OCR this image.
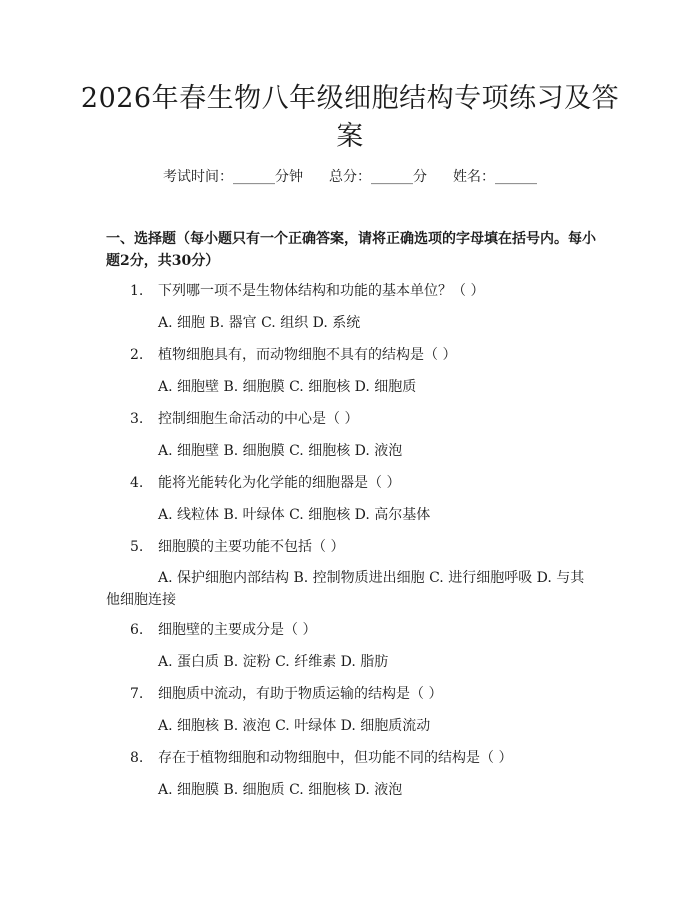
2026年春生物八年级细胞结构专项练习及答案
考试时间：______分钟 总分：______分 姓名：______
一、选择题（每小题只有一个正确答案，请将正确选项的字母填在括号内。每小题2分，共30分）
1. 下列哪一项不是生物体结构和功能的基本单位？（ ）
A. 细胞 B. 器官 C. 组织 D. 系统
2. 植物细胞具有，而动物细胞不具有的结构是（ ）
A. 细胞壁 B. 细胞膜 C. 细胞核 D. 细胞质
3. 控制细胞生命活动的中心是（ ）
A. 细胞壁 B. 细胞膜 C. 细胞核 D. 液泡
4. 能将光能转化为化学能的细胞器是（ ）
A. 线粒体 B. 叶绿体 C. 细胞核 D. 高尔基体
5. 细胞膜的主要功能不包括（ ）
A. 保护细胞内部结构 B. 控制物质进出细胞 C. 进行细胞呼吸 D. 与其他细胞连接
6. 细胞壁的主要成分是（ ）
A. 蛋白质 B. 淀粉 C. 纤维素 D. 脂肪
7. 细胞质中流动，有助于物质运输的结构是（ ）
A. 细胞核 B. 液泡 C. 叶绿体 D. 细胞质流动
8. 存在于植物细胞和动物细胞中，但功能不同的结构是（ ）
A. 细胞膜 B. 细胞质 C. 细胞核 D. 液泡
